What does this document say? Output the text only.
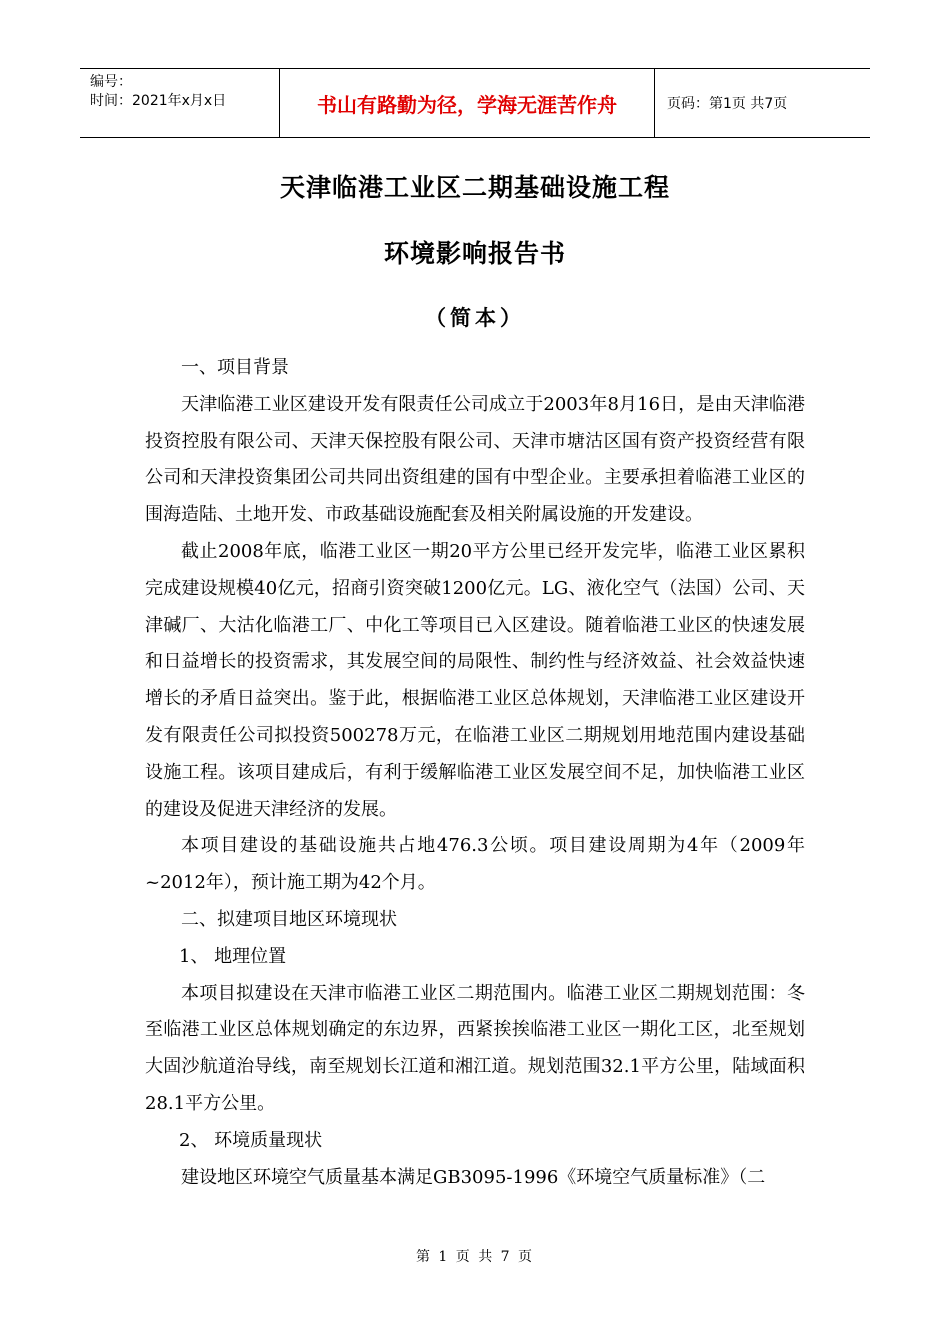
编号：
时间：2021年x月x日	书山有路勤为径，学海无涯苦作舟	页码：第1页 共7页
天津临港工业区二期基础设施工程
环境影响报告书
（简本）

一、项目背景

天津临港工业区建设开发有限责任公司成立于2003年8月16日，是由天津临港投资控股有限公司、天津天保控股有限公司、天津市塘沽区国有资产投资经营有限公司和天津投资集团公司共同出资组建的国有中型企业。主要承担着临港工业区的围海造陆、土地开发、市政基础设施配套及相关附属设施的开发建设。

截止2008年底，临港工业区一期20平方公里已经开发完毕，临港工业区累积完成建设规模40亿元，招商引资突破1200亿元。LG、液化空气（法国）公司、天津碱厂、大沽化临港工厂、中化工等项目已入区建设。随着临港工业区的快速发展和日益增长的投资需求，其发展空间的局限性、制约性与经济效益、社会效益快速增长的矛盾日益突出。鉴于此，根据临港工业区总体规划，天津临港工业区建设开发有限责任公司拟投资500278万元，在临港工业区二期规划用地范围内建设基础设施工程。该项目建成后，有利于缓解临港工业区发展空间不足，加快临港工业区的建设及促进天津经济的发展。

本项目建设的基础设施共占地476.3公顷。项目建设周期为4年（2009年~2012年），预计施工期为42个月。

二、拟建项目地区环境现状

1、 地理位置

本项目拟建设在天津市临港工业区二期范围内。临港工业区二期规划范围：冬至临港工业区总体规划确定的东边界，西紧挨挨临港工业区一期化工区，北至规划大固沙航道治导线，南至规划长江道和湘江道。规划范围32.1平方公里，陆域面积28.1平方公里。

2、 环境质量现状

建设地区环境空气质量基本满足GB3095-1996《环境空气质量标准》（二

第 1 页 共 7 页
